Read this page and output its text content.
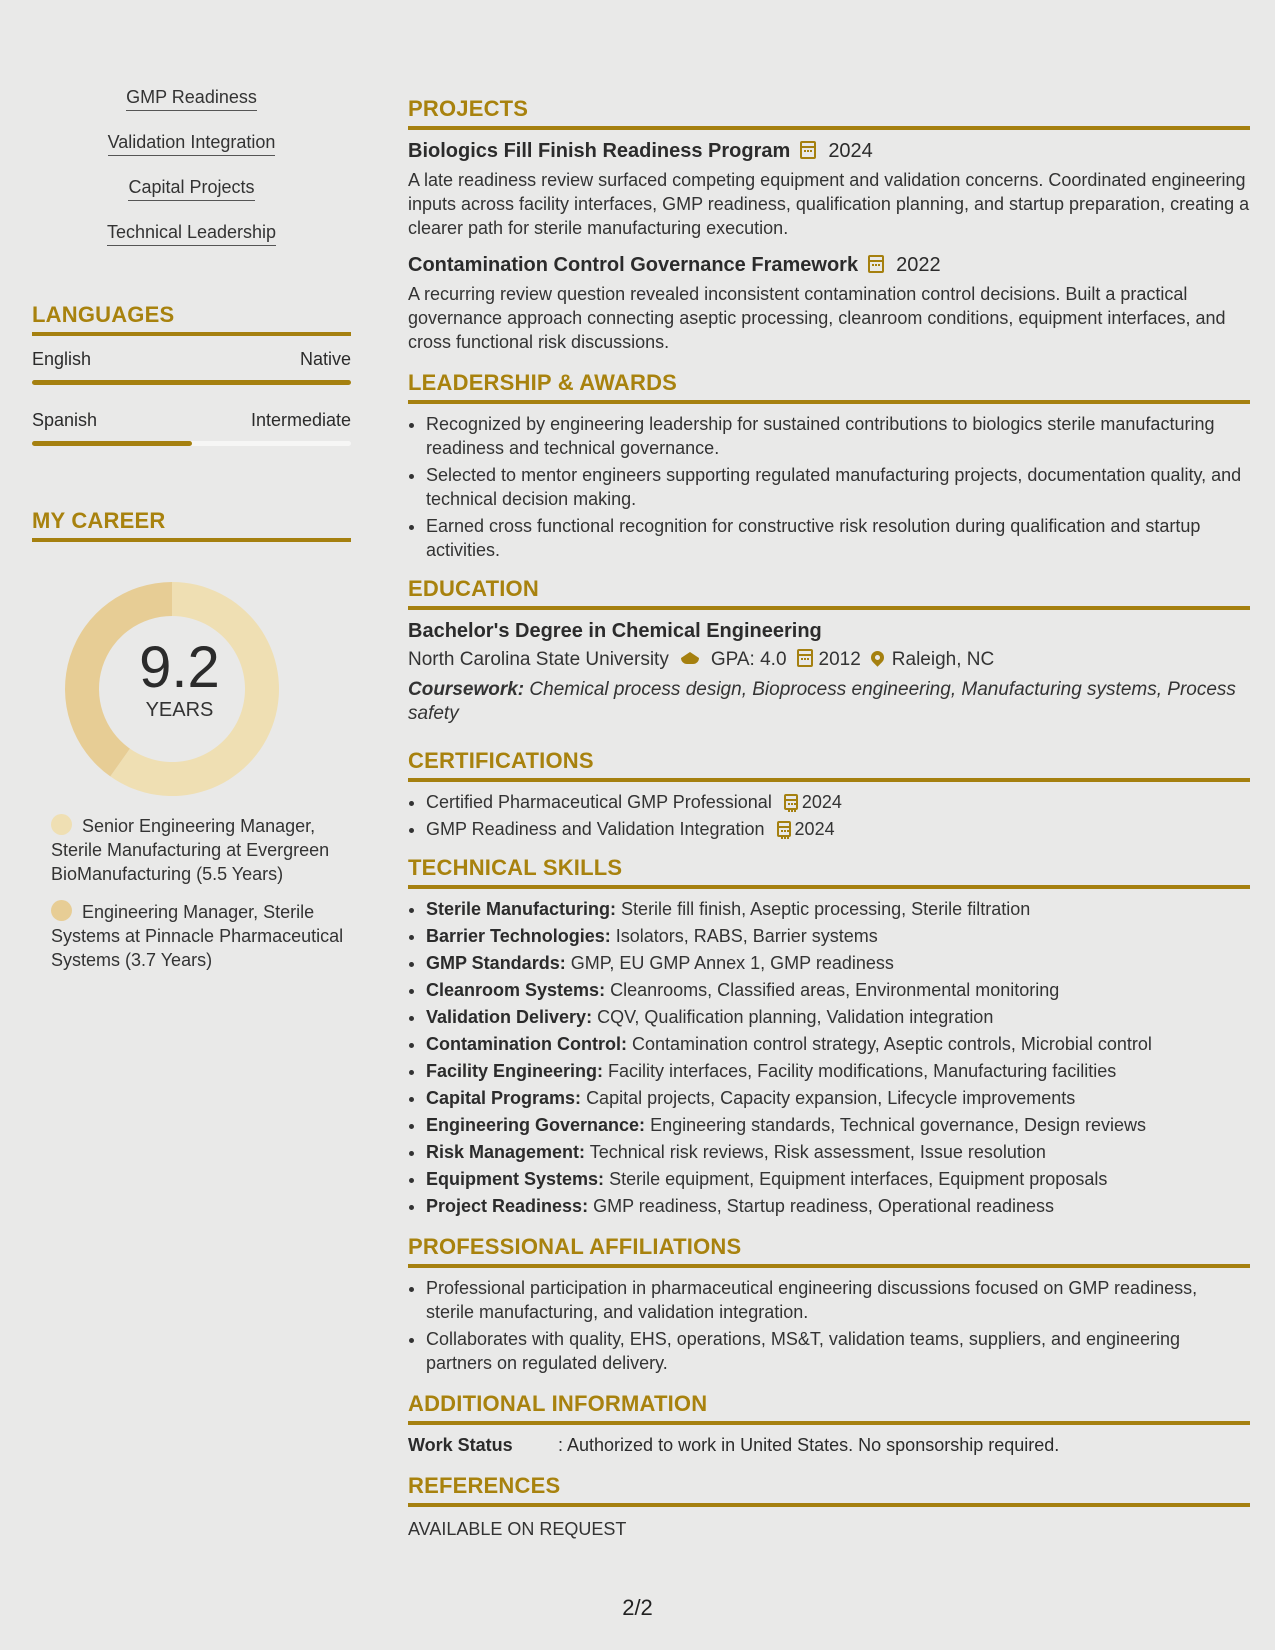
GMP Readiness
Validation Integration
Capital Projects
Technical Leadership
LANGUAGES
English	Native
Spanish	Intermediate
MY CAREER
9.2
YEARS
Senior Engineering Manager, Sterile Manufacturing at Evergreen BioManufacturing (5.5 Years)
Engineering Manager, Sterile Systems at Pinnacle Pharmaceutical Systems (3.7 Years)
PROJECTS
Biologics Fill Finish Readiness Program 2024
A late readiness review surfaced competing equipment and validation concerns. Coordinated engineering inputs across facility interfaces, GMP readiness, qualification planning, and startup preparation, creating a clearer path for sterile manufacturing execution.
Contamination Control Governance Framework 2022
A recurring review question revealed inconsistent contamination control decisions. Built a practical governance approach connecting aseptic processing, cleanroom conditions, equipment interfaces, and cross functional risk discussions.
LEADERSHIP & AWARDS
• Recognized by engineering leadership for sustained contributions to biologics sterile manufacturing readiness and technical governance.
• Selected to mentor engineers supporting regulated manufacturing projects, documentation quality, and technical decision making.
• Earned cross functional recognition for constructive risk resolution during qualification and startup activities.
EDUCATION
Bachelor's Degree in Chemical Engineering
North Carolina State University GPA: 4.0 2012 Raleigh, NC
Coursework: Chemical process design, Bioprocess engineering, Manufacturing systems, Process safety
CERTIFICATIONS
• Certified Pharmaceutical GMP Professional 2024
• GMP Readiness and Validation Integration 2024
TECHNICAL SKILLS
• Sterile Manufacturing: Sterile fill finish, Aseptic processing, Sterile filtration
• Barrier Technologies: Isolators, RABS, Barrier systems
• GMP Standards: GMP, EU GMP Annex 1, GMP readiness
• Cleanroom Systems: Cleanrooms, Classified areas, Environmental monitoring
• Validation Delivery: CQV, Qualification planning, Validation integration
• Contamination Control: Contamination control strategy, Aseptic controls, Microbial control
• Facility Engineering: Facility interfaces, Facility modifications, Manufacturing facilities
• Capital Programs: Capital projects, Capacity expansion, Lifecycle improvements
• Engineering Governance: Engineering standards, Technical governance, Design reviews
• Risk Management: Technical risk reviews, Risk assessment, Issue resolution
• Equipment Systems: Sterile equipment, Equipment interfaces, Equipment proposals
• Project Readiness: GMP readiness, Startup readiness, Operational readiness
PROFESSIONAL AFFILIATIONS
• Professional participation in pharmaceutical engineering discussions focused on GMP readiness, sterile manufacturing, and validation integration.
• Collaborates with quality, EHS, operations, MS&T, validation teams, suppliers, and engineering partners on regulated delivery.
ADDITIONAL INFORMATION
Work Status	: Authorized to work in United States. No sponsorship required.
REFERENCES
AVAILABLE ON REQUEST
2/2
